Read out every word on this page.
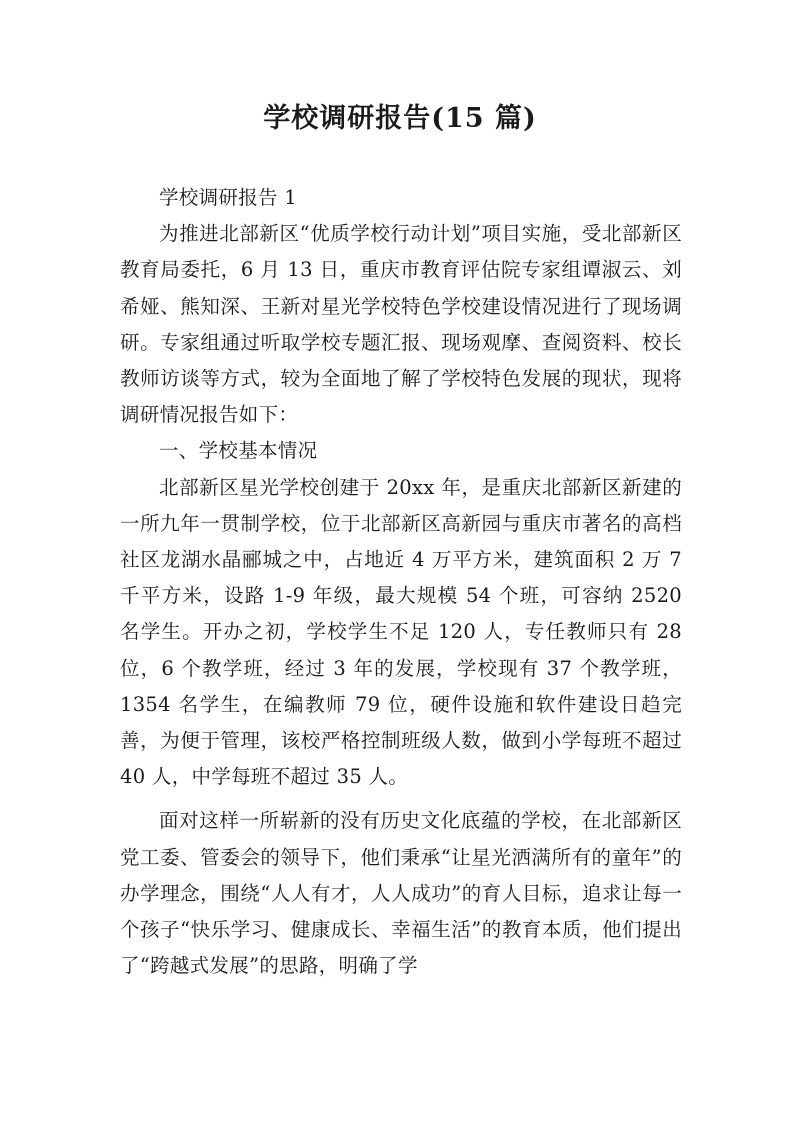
学校调研报告(15 篇)

学校调研报告 1

为推进北部新区“优质学校行动计划”项目实施，受北部新区教育局委托，6 月 13 日，重庆市教育评估院专家组谭淑云、刘希娅、熊知深、王新对星光学校特色学校建设情况进行了现场调研。专家组通过听取学校专题汇报、现场观摩、查阅资料、校长教师访谈等方式，较为全面地了解了学校特色发展的现状，现将调研情况报告如下：

一、学校基本情况

北部新区星光学校创建于 20xx 年，是重庆北部新区新建的一所九年一贯制学校，位于北部新区高新园与重庆市著名的高档社区龙湖水晶郦城之中，占地近 4 万平方米，建筑面积 2 万 7 千平方米，设路 1-9 年级，最大规模 54 个班，可容纳 2520 名学生。开办之初，学校学生不足 120 人，专任教师只有 28 位，6 个教学班，经过 3 年的发展，学校现有 37 个教学班，1354 名学生，在编教师 79 位，硬件设施和软件建设日趋完善，为便于管理，该校严格控制班级人数，做到小学每班不超过 40 人，中学每班不超过 35 人。

面对这样一所崭新的没有历史文化底蕴的学校，在北部新区党工委、管委会的领导下，他们秉承“让星光洒满所有的童年”的办学理念，围绕“人人有才，人人成功”的育人目标，追求让每一个孩子“快乐学习、健康成长、幸福生活”的教育本质，他们提出了“跨越式发展”的思路，明确了学
